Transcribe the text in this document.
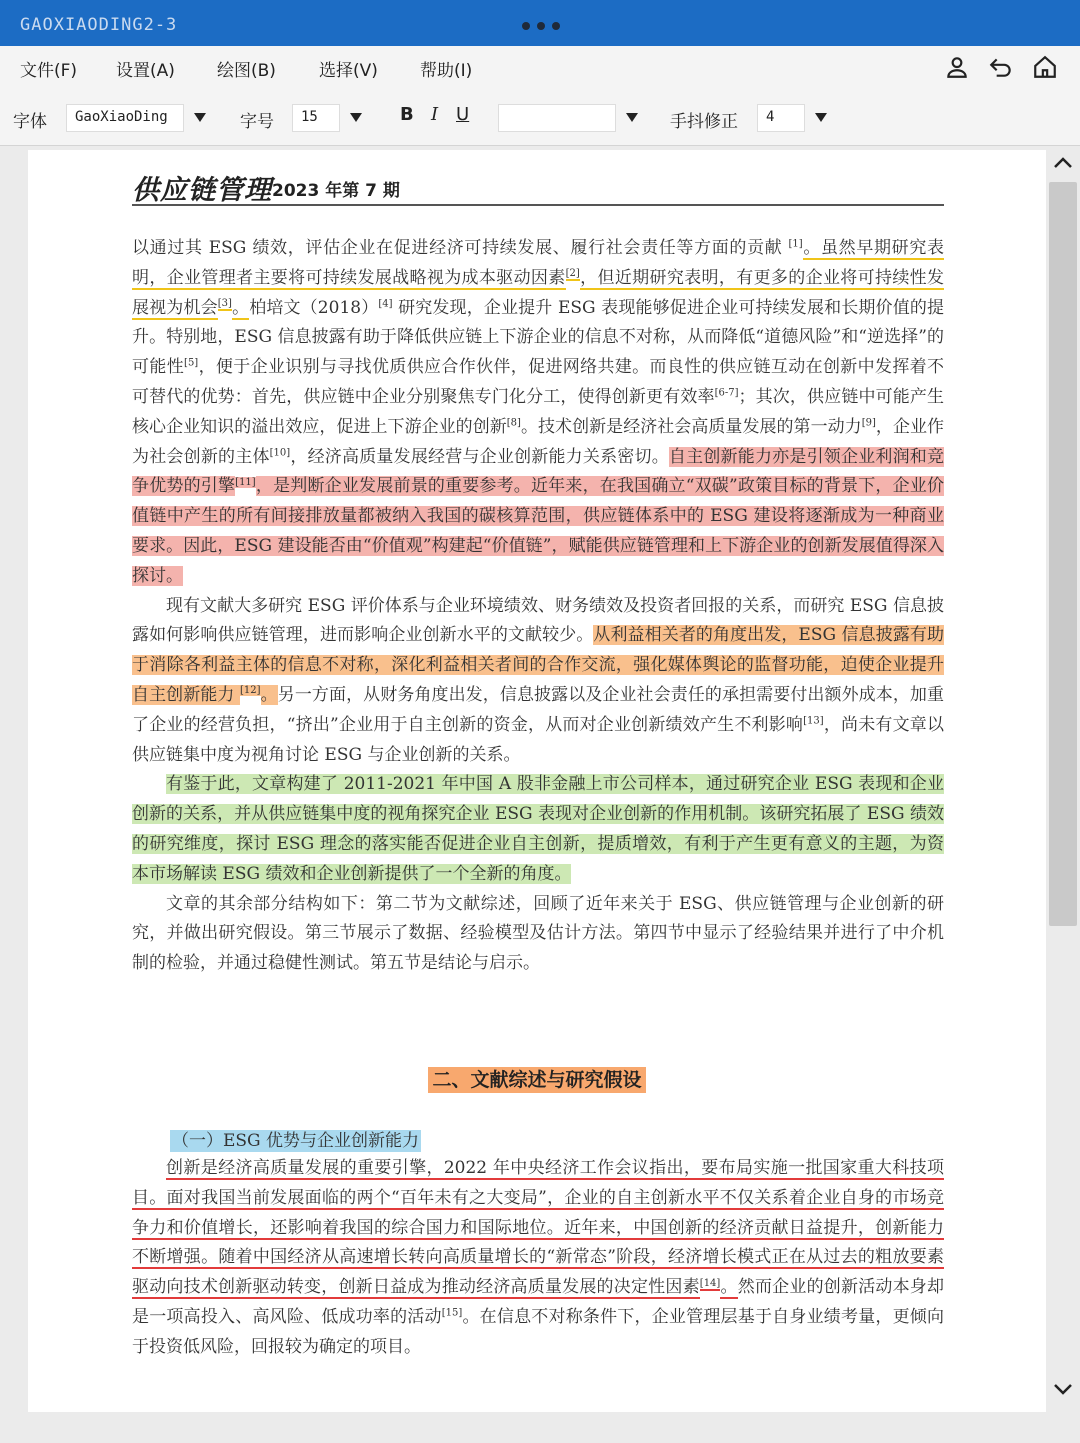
GAOXIAODING2-3
文件(F) 设置(A) 绘图(B)	选择(V) 帮助(I)
字体	GaoXiaoDing	字号	15	B I U	手抖修正	4
供应链管理 2023 年第 7 期

以通过其 ESG 绩效，评估企业在促进经济可持续发展、履行社会责任等方面的贡献 [1]。虽然早期研究表明，企业管理者主要将可持续发展战略视为成本驱动因素[2]，但近期研究表明，有更多的企业将可持续性发展视为机会[3]。柏培文（2018）[4] 研究发现，企业提升 ESG 表现能够促进企业可持续发展和长期价值的提升。特别地，ESG 信息披露有助于降低供应链上下游企业的信息不对称，从而降低“道德风险”和“逆选择”的可能性[5]，便于企业识别与寻找优质供应合作伙伴，促进网络共建。而良性的供应链互动在创新中发挥着不可替代的优势：首先，供应链中企业分别聚焦专门化分工，使得创新更有效率[6-7]；其次，供应链中可能产生核心企业知识的溢出效应，促进上下游企业的创新[8]。技术创新是经济社会高质量发展的第一动力[9]，企业作为社会创新的主体[10]，经济高质量发展经营与企业创新能力关系密切。自主创新能力亦是引领企业利润和竞争优势的引擎[11]，是判断企业发展前景的重要参考。近年来，在我国确立“双碳”政策目标的背景下，企业价值链中产生的所有间接排放量都被纳入我国的碳核算范围，供应链体系中的 ESG 建设将逐渐成为一种商业要求。因此，ESG 建设能否由“价值观”构建起“价值链”，赋能供应链管理和上下游企业的创新发展值得深入探讨。

现有文献大多研究 ESG 评价体系与企业环境绩效、财务绩效及投资者回报的关系，而研究 ESG 信息披露如何影响供应链管理，进而影响企业创新水平的文献较少。从利益相关者的角度出发，ESG 信息披露有助于消除各利益主体的信息不对称，深化利益相关者间的合作交流，强化媒体舆论的监督功能，迫使企业提升自主创新能力 [12]。另一方面，从财务角度出发，信息披露以及企业社会责任的承担需要付出额外成本，加重了企业的经营负担，“挤出”企业用于自主创新的资金，从而对企业创新绩效产生不利影响[13]，尚未有文章以供应链集中度为视角讨论 ESG 与企业创新的关系。

有鉴于此，文章构建了 2011-2021 年中国 A 股非金融上市公司样本，通过研究企业 ESG 表现和企业创新的关系，并从供应链集中度的视角探究企业 ESG 表现对企业创新的作用机制。该研究拓展了 ESG 绩效的研究维度，探讨 ESG 理念的落实能否促进企业自主创新，提质增效，有利于产生更有意义的主题，为资本市场解读 ESG 绩效和企业创新提供了一个全新的角度。

文章的其余部分结构如下：第二节为文献综述，回顾了近年来关于 ESG、供应链管理与企业创新的研究，并做出研究假设。第三节展示了数据、经验模型及估计方法。第四节中显示了经验结果并进行了中介机制的检验，并通过稳健性测试。第五节是结论与启示。

二、文献综述与研究假设
（一）ESG 优势与企业创新能力

创新是经济高质量发展的重要引擎，2022 年中央经济工作会议指出，要布局实施一批国家重大科技项目。面对我国当前发展面临的两个“百年未有之大变局”，企业的自主创新水平不仅关系着企业自身的市场竞争力和价值增长，还影响着我国的综合国力和国际地位。近年来，中国创新的经济贡献日益提升，创新能力不断增强。随着中国经济从高速增长转向高质量增长的“新常态”阶段，经济增长模式正在从过去的粗放要素驱动向技术创新驱动转变，创新日益成为推动经济高质量发展的决定性因素[14]。然而企业的创新活动本身却是一项高投入、高风险、低成功率的活动[15]。在信息不对称条件下，企业管理层基于自身业绩考量，更倾向于投资低风险，回报较为确定的项目。
